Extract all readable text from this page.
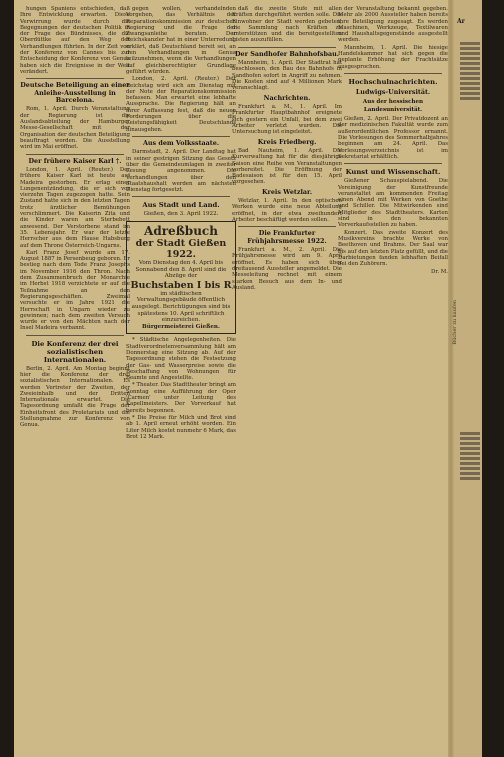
hungen Spaniens entschieden, daß Ihre Entwicklung erwarten. Diese Verwirrung wurde durch die Begegnungen der deutschen Politik in der Frage des Bündnisses, die die Oberdüttke auf den Weg der Verhandlungen führten. In der Zeit von der Konferenz von Cannes bis zur Entscheidung der Konferenz von Genua haben sich die Ereignisse in der Welt verändert.

Deutsche Beteiligung an einer Anleihe-Ausstellung in Barcelona.

Rom, 1. April. Durch Veranstaltung der Regierung ist die Auslandsabteilung der Hamburger Messe-Gesellschaft mit der Organisation der deutschen Beteiligung beauftragt worden. Die Ausstellung wird im Mai eröffnet.

Der frühere Kaiser Karl †.

London, 1. April. (Reuter.) Der frühere Kaiser Karl ist heute auf Madeira gestorben. Er erlag einer Lungenentzündung, die er sich vor vierzehn Tagen zugezogen hatte. Sein Zustand hatte sich in den letzten Tagen trotz ärztlicher Bemühungen verschlimmert. Die Kaiserin Zita und die Kinder waren am Sterbebett anwesend. Der Verstorbene stand im 35. Lebensjahr. Er war der letzte Herrscher aus dem Hause Habsburg auf dem Throne Österreich-Ungarns.

Karl Franz Josef wurde am 17. August 1887 in Persenbeug geboren. Er bestieg nach dem Tode Franz Josephs im November 1916 den Thron. Nach dem Zusammenbruch der Monarchie im Herbst 1918 verzichtete er auf die Teilnahme an den Regierungsgeschäften. Zweimal versuchte er im Jahre 1921 die Herrschaft in Ungarn wieder zu gewinnen; nach dem zweiten Versuch wurde er von den Mächten nach der Insel Madeira verbannt.

Die Konferenz der drei sozialistischen Internationalen.

Berlin, 2. April. Am Montag beginnt hier die Konferenz der drei sozialistischen Internationalen. Es werden Vertreter der Zweiten, der Zweieinhalb und der Dritten Internationale erwartet. Die Tagesordnung umfaßt die Frage der Einheitsfront des Proletariats und die Stellungnahme zur Konferenz von Genua.

gegen wollen, verhandelnden Vorgehen, das Verhältnis der Reparationskommission zur deutschen Regierung und die Frage der Zwangsanleihe beraten. Der Reichskanzler hat in einer Unterredung erklärt, daß Deutschland bereit sei, an den Verhandlungen in Genua teilzunehmen, wenn die Verhandlungen auf gleichberechtigter Grundlage geführt würden.

London, 2. April. (Reuter.) Der Reichstag wird sich am Dienstag mit der Note der Reparationskommission befassen. Man erwartet eine lebhafte Aussprache. Die Regierung hält an ihrer Auffassung fest, daß die neuen Forderungen über die Leistungsfähigkeit Deutschlands hinausgehen.

Aus dem Volksstaate.

Darmstadt, 2. April. Der Landtag hat in seiner gestrigen Sitzung das Gesetz über die Gemeindeumlagen in zweiter Lesung angenommen. Die Verhandlungen über den Staatshaushalt werden am nächsten Dienstag fortgesetzt.

Aus Stadt und Land.
Gießen, den 3. April 1922.
Adreßbuch
der Stadt Gießen 1922.
Vom Dienstag den 4. April bis Sonnabend den 8. April sind die Abzüge der
Buchstaben I bis R
im städtischen Verwaltungsgebäude öffentlich ausgelegt. Berichtigungen sind bis spätestens 10. April schriftlich einzureichen.
Bürgermeisterei Gießen.

* Städtische Angelegenheiten. Die Stadtverordnetenversammlung hält am Donnerstag eine Sitzung ab. Auf der Tagesordnung stehen die Festsetzung der Gas- und Wasserpreise sowie die Beschaffung von Wohnungen für Beamte und Angestellte.

* Theater. Das Stadttheater bringt am Sonntag eine Aufführung der Oper 'Carmen' unter Leitung des Kapellmeisters. Der Vorverkauf hat bereits begonnen.

* Die Preise für Milch und Brot sind ab 1. April erneut erhöht worden. Ein Liter Milch kostet nunmehr 6 Mark, das Brot 12 Mark.

daß die zweite Stufe mit allen Kräften durchgeführt werden solle. Die Einwohner der Stadt werden gebeten, die Sammlung nach Kräften zu unterstützen und die bereitgestellten Listen auszufüllen.

Der Sandhofer Bahnhofsbau.

Mannheim, 1. April. Der Stadtrat hat beschlossen, den Bau des Bahnhofs in Sandhofen sofort in Angriff zu nehmen. Die Kosten sind auf 4 Millionen Mark veranschlagt.

Nachrichten.

Frankfurt a. M., 1. April. Im Frankfurter Hauptbahnhof ereignete sich gestern ein Unfall, bei dem zwei Arbeiter verletzt wurden. Die Untersuchung ist eingeleitet.

Kreis Friedberg.

Bad Nauheim, 1. April. Die Kurverwaltung hat für die diesjährige Saison eine Reihe von Veranstaltungen vorbereitet. Die Eröffnung der Badesaison ist für den 15. April vorgesehen.

Kreis Wetzlar.

Wetzlar, 1. April. In den optischen Werken wurde eine neue Abteilung eröffnet, in der etwa zweihundert Arbeiter beschäftigt werden sollen.

Die Frankfurter Frühjahrsmesse 1922.

Frankfurt a. M., 2. April. Die Frühjahrsmesse wird am 9. April eröffnet. Es haben sich über dreitausend Aussteller angemeldet. Die Messeleitung rechnet mit einem starken Besuch aus dem In- und Ausland.

der Veranstaltung bekannt gegeben. Mehr als 2000 Aussteller haben bereits ihre Beteiligung zugesagt. Es werden Maschinen, Werkzeuge, Textilwaren und Haushaltsgegenstände ausgestellt werden.

Mannheim, 1. April. Die hiesige Handelskammer hat sich gegen die geplante Erhöhung der Frachtsätze ausgesprochen.

Hochschulnachrichten.
Ludwigs-Universität.
Aus der hessischen Landesuniversität.

Gießen, 2. April. Der Privatdozent an der medizinischen Fakultät wurde zum außerordentlichen Professor ernannt. Die Vorlesungen des Sommerhalbjahres beginnen am 24. April. Das Vorlesungsverzeichnis ist im Sekretariat erhältlich.

Kunst und Wissenschaft.

Gießener Schauspielabend. Die Vereinigung der Kunstfreunde veranstaltet am kommenden Freitag einen Abend mit Werken von Goethe und Schiller. Die Mitwirkenden sind Mitglieder des Stadttheaters. Karten sind in den bekannten Vorverkaufsstellen zu haben.

Konzert. Das zweite Konzert des Musikvereins brachte Werke von Beethoven und Brahms. Der Saal war bis auf den letzten Platz gefüllt, und die Darbietungen fanden lebhaften Beifall bei den Zuhörern.

Dr. M.
Ar
Bücher zu kaufen
